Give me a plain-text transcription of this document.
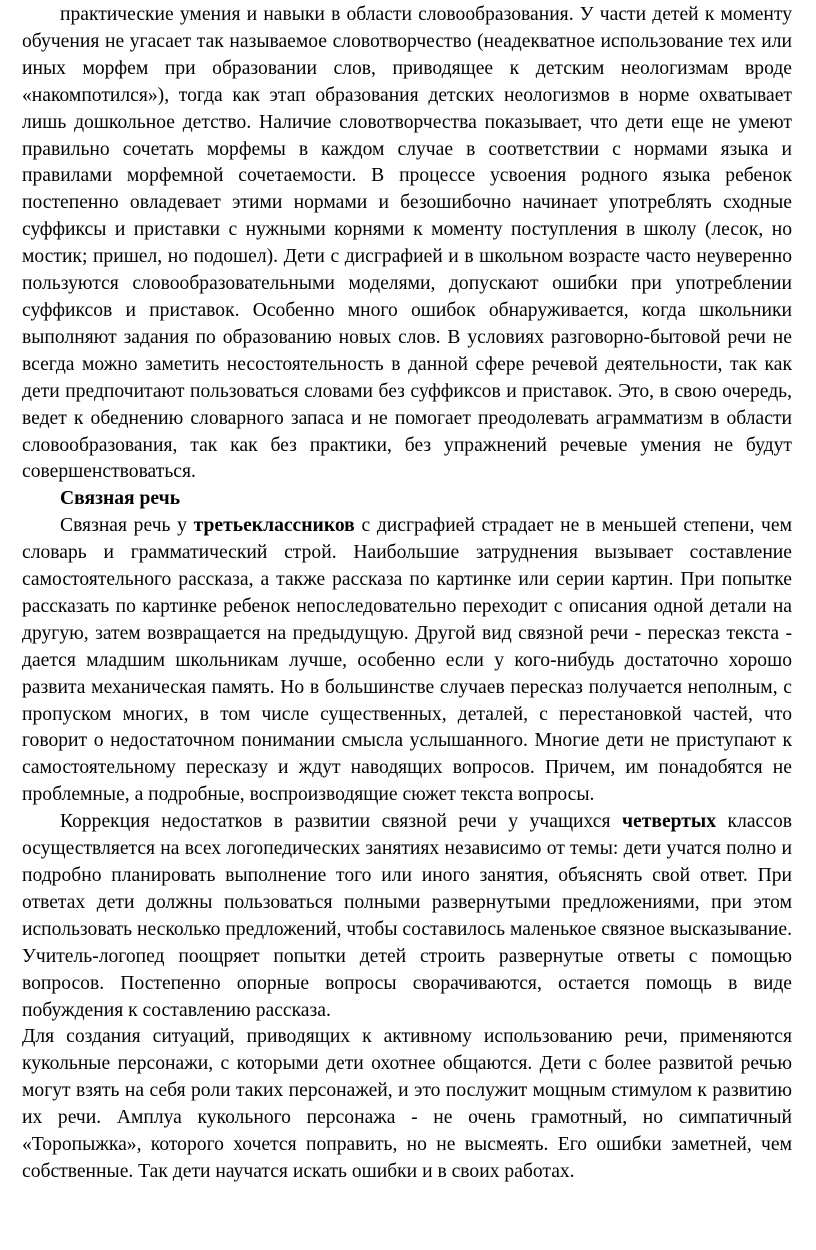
практические умения и навыки в области словообразования. У части детей к моменту обучения не угасает так называемое словотворчество (неадекватное использование тех или иных морфем при образовании слов, приводящее к детским неологизмам вроде «накомпотился»), тогда как этап образования детских неологизмов в норме охватывает лишь дошкольное детство. Наличие словотворчества показывает, что дети еще не умеют правильно сочетать морфемы в каждом случае в соответствии с нормами языка и правилами морфемной сочетаемости. В процессе усвоения родного языка ребенок постепенно овладевает этими нормами и безошибочно начинает употреблять сходные суффиксы и приставки с нужными корнями к моменту поступления в школу (лесок, но мостик; пришел, но подошел). Дети с дисграфией и в школьном возрасте часто неуверенно пользуются словообразовательными моделями, допускают ошибки при употреблении суффиксов и приставок. Особенно много ошибок обнаруживается, когда школьники выполняют задания по образованию новых слов. В условиях разговорно-бытовой речи не всегда можно заметить несостоятельность в данной сфере речевой деятельности, так как дети предпочитают пользоваться словами без суффиксов и приставок. Это, в свою очередь, ведет к обеднению словарного запаса и не помогает преодолевать аграмматизм в области словообразования, так как без практики, без упражнений речевые умения не будут совершенствоваться.

Связная речь

Связная речь у третьеклассников с дисграфией страдает не в меньшей степени, чем словарь и грамматический строй. Наибольшие затруднения вызывает составление самостоятельного рассказа, а также рассказа по картинке или серии картин. При попытке рассказать по картинке ребенок непоследовательно переходит с описания одной детали на другую, затем возвращается на предыдущую. Другой вид связной речи - пересказ текста - дается младшим школьникам лучше, особенно если у кого-нибудь достаточно хорошо развита механическая память. Но в большинстве случаев пересказ получается неполным, с пропуском многих, в том числе существенных, деталей, с перестановкой частей, что говорит о недостаточном понимании смысла услышанного. Многие дети не приступают к самостоятельному пересказу и ждут наводящих вопросов. Причем, им понадобятся не проблемные, а подробные, воспроизводящие сюжет текста вопросы.

Коррекция недостатков в развитии связной речи у учащихся четвертых классов осуществляется на всех логопедических занятиях независимо от темы: дети учатся полно и подробно планировать выполнение того или иного занятия, объяснять свой ответ. При ответах дети должны пользоваться полными развернутыми предложениями, при этом использовать несколько предложений, чтобы составилось маленькое связное высказывание. Учитель-логопед поощряет попытки детей строить развернутые ответы с помощью вопросов. Постепенно опорные вопросы сворачиваются, остается помощь в виде побуждения к составлению рассказа.

Для создания ситуаций, приводящих к активному использованию речи, применяются кукольные персонажи, с которыми дети охотнее общаются. Дети с более развитой речью могут взять на себя роли таких персонажей, и это послужит мощным стимулом к развитию их речи. Амплуа кукольного персонажа - не очень грамотный, но симпатичный «Торопыжка», которого хочется поправить, но не высмеять. Его ошибки заметней, чем собственные. Так дети научатся искать ошибки и в своих работах.
